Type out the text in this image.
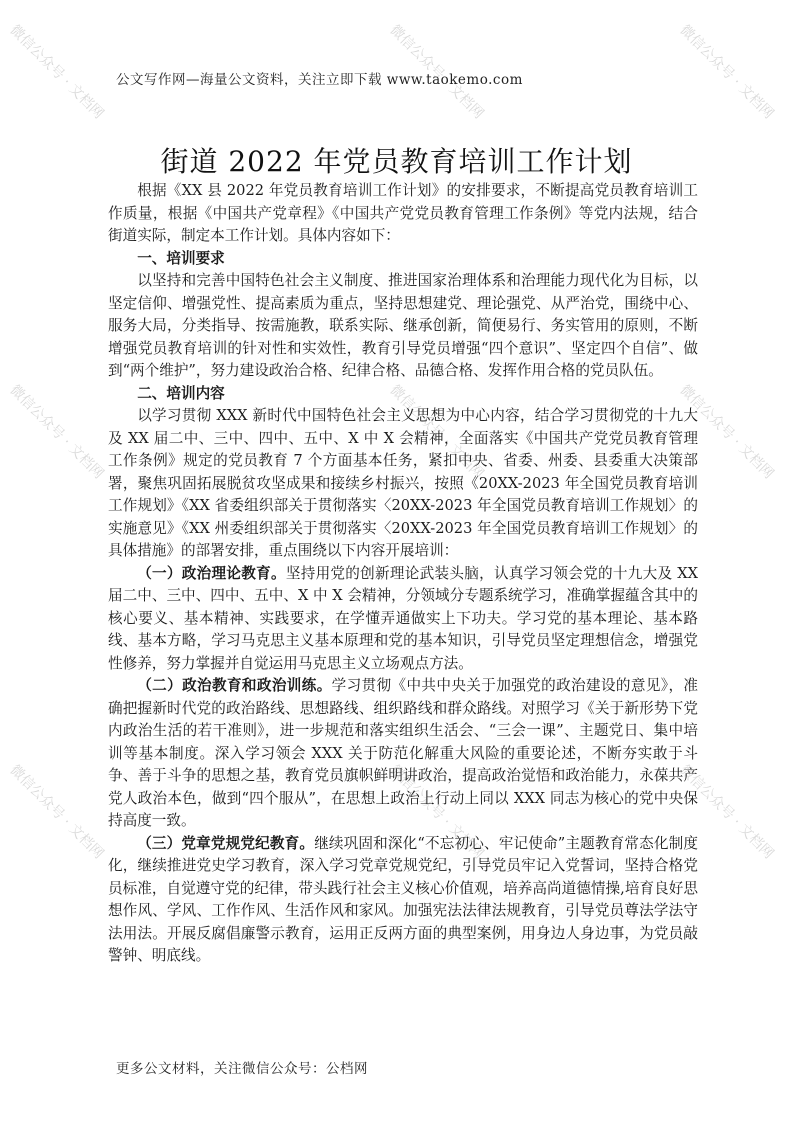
微信公众号 · 文档网	微信公众号 · 文档网	微信公众号 · 文档网
微信公众号 · 文档网	微信公众号 · 文档网	微信公众号 · 文档网
微信公众号 · 文档网	微信公众号 · 文档网	微信公众号 · 文档网
公文写作网—海量公文资料，关注立即下载 www.taokemo.com
街道 2022 年党员教育培训工作计划

根据《XX 县 2022 年党员教育培训工作计划》的安排要求，不断提高党员教育培训工作质量，根据《中国共产党章程》《中国共产党党员教育管理工作条例》等党内法规，结合街道实际，制定本工作计划。具体内容如下：

一、培训要求

以坚持和完善中国特色社会主义制度、推进国家治理体系和治理能力现代化为目标，以坚定信仰、增强党性、提高素质为重点，坚持思想建党、理论强党、从严治党，围绕中心、服务大局，分类指导、按需施教，联系实际、继承创新，简便易行、务实管用的原则，不断增强党员教育培训的针对性和实效性，教育引导党员增强“四个意识”、坚定四个自信”、做到“两个维护”，努力建设政治合格、纪律合格、品德合格、发挥作用合格的党员队伍。

二、培训内容

以学习贯彻 XXX 新时代中国特色社会主义思想为中心内容，结合学习贯彻党的十九大及 XX 届二中、三中、四中、五中、X 中 X 会精神，全面落实《中国共产党党员教育管理工作条例》规定的党员教育 7 个方面基本任务，紧扣中央、省委、州委、县委重大决策部署，聚焦巩固拓展脱贫攻坚成果和接续乡村振兴，按照《20XX-2023 年全国党员教育培训工作规划》《XX 省委组织部关于贯彻落实〈20XX-2023 年全国党员教育培训工作规划〉的实施意见》《XX 州委组织部关于贯彻落实〈20XX-2023 年全国党员教育培训工作规划〉的具体措施》的部署安排，重点围绕以下内容开展培训：

（一）政治理论教育。坚持用党的创新理论武装头脑，认真学习领会党的十九大及 XX 届二中、三中、四中、五中、X 中 X 会精神，分领域分专题系统学习，准确掌握蕴含其中的核心要义、基本精神、实践要求，在学懂弄通做实上下功夫。学习党的基本理论、基本路线、基本方略，学习马克思主义基本原理和党的基本知识，引导党员坚定理想信念，增强党性修养，努力掌握并自觉运用马克思主义立场观点方法。

（二）政治教育和政治训练。学习贯彻《中共中央关于加强党的政治建设的意见》，准确把握新时代党的政治路线、思想路线、组织路线和群众路线。对照学习《关于新形势下党内政治生活的若干准则》，进一步规范和落实组织生活会、“三会一课”、主题党日、集中培训等基本制度。深入学习领会 XXX 关于防范化解重大风险的重要论述，不断夯实敢于斗争、善于斗争的思想之基，教育党员旗帜鲜明讲政治，提高政治觉悟和政治能力，永葆共产党人政治本色，做到“四个服从”，在思想上政治上行动上同以 XXX 同志为核心的党中央保持高度一致。

（三）党章党规党纪教育。继续巩固和深化“不忘初心、牢记使命”主题教育常态化制度化，继续推进党史学习教育，深入学习党章党规党纪，引导党员牢记入党誓词，坚持合格党员标准，自觉遵守党的纪律，带头践行社会主义核心价值观，培养高尚道德情操,培育良好思想作风、学风、工作作风、生活作风和家风。加强宪法法律法规教育，引导党员尊法学法守法用法。开展反腐倡廉警示教育，运用正反两方面的典型案例，用身边人身边事，为党员敲警钟、明底线。

更多公文材料，关注微信公众号：公档网
